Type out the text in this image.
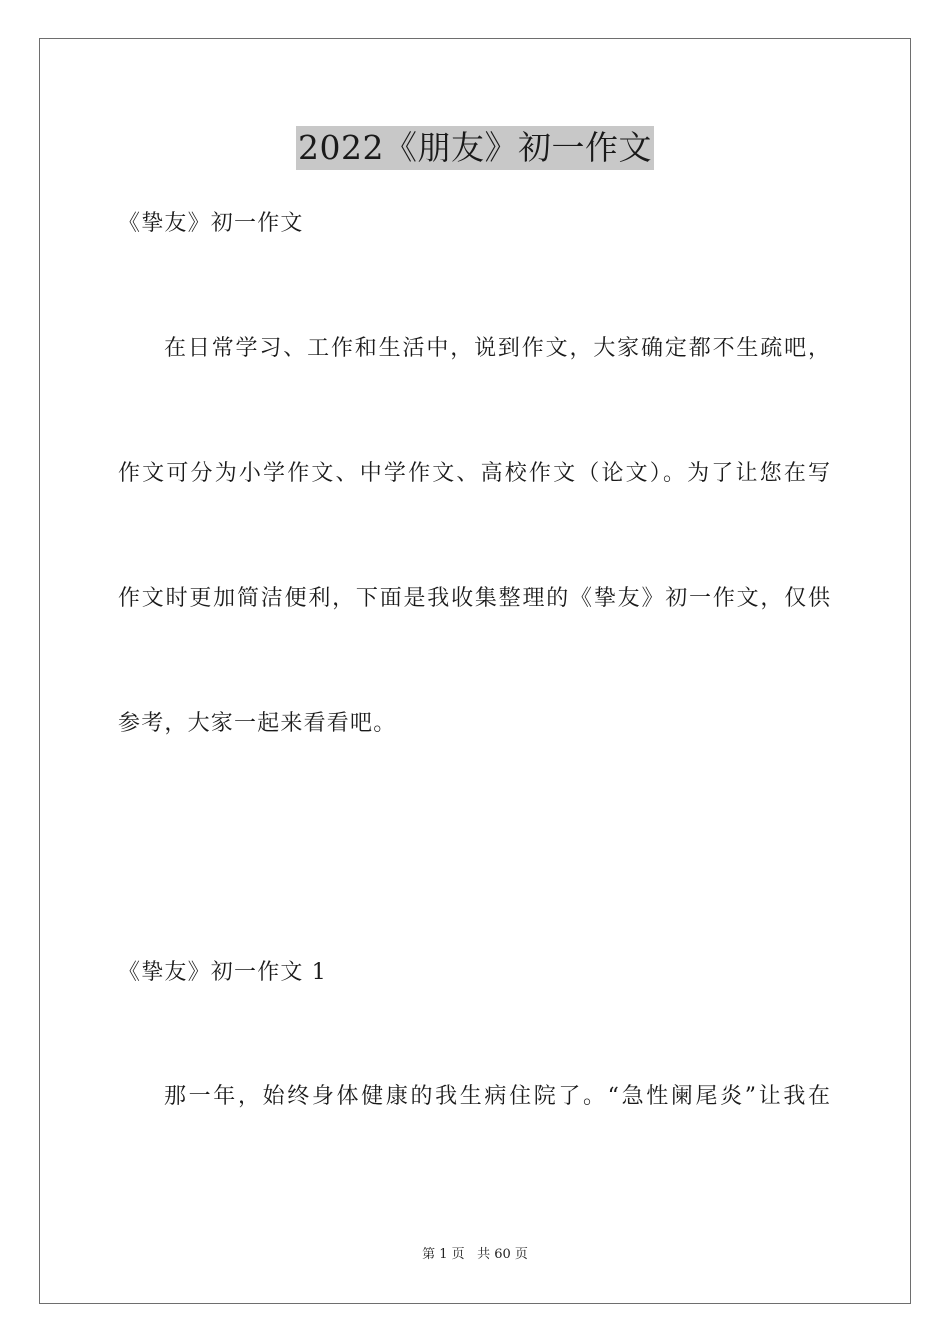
2022《朋友》初一作文

《挚友》初一作文

在日常学习、工作和生活中，说到作文，大家确定都不生疏吧，

作文可分为小学作文、中学作文、高校作文（论文）。为了让您在写

作文时更加简洁便利，下面是我收集整理的《挚友》初一作文，仅供

参考，大家一起来看看吧。

《挚友》初一作文 1

那一年，始终身体健康的我生病住院了。“急性阑尾炎”让我在

第 1 页 共 60 页
